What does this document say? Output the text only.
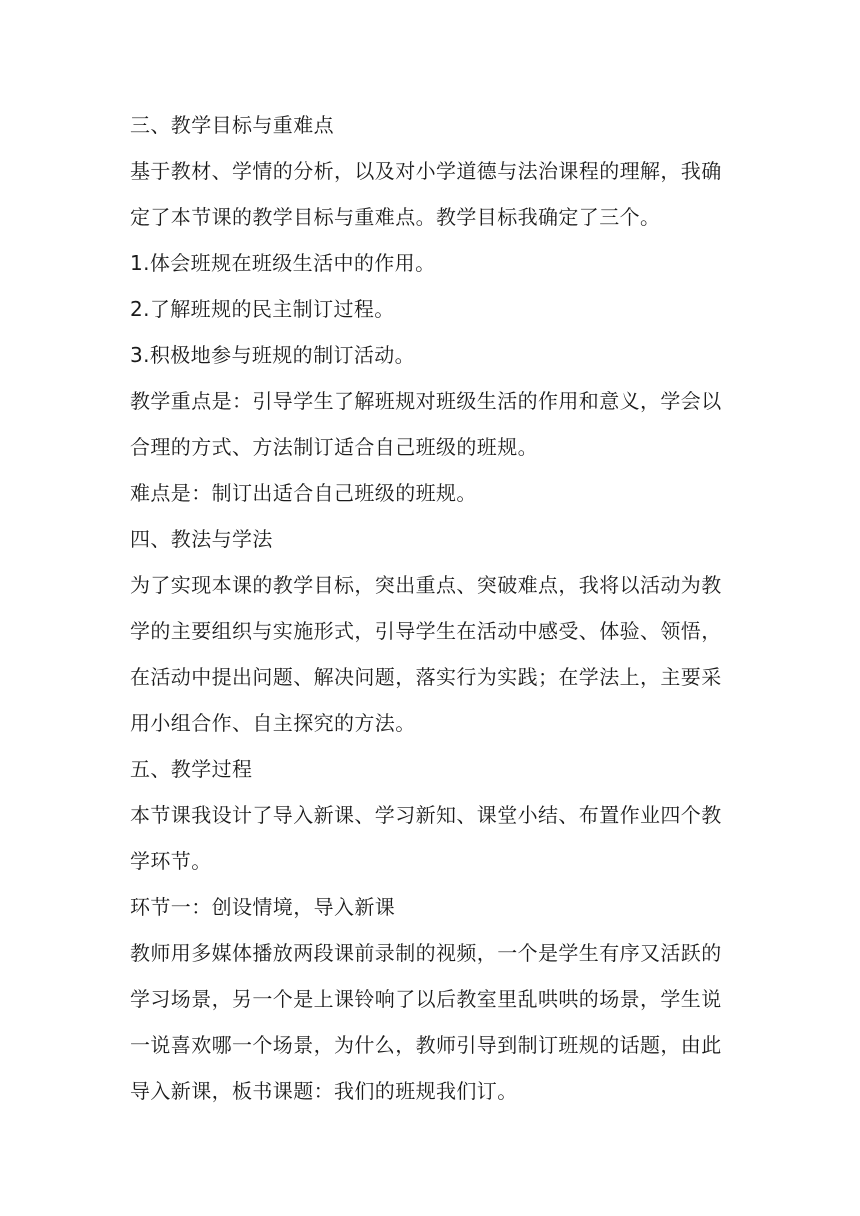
三、教学目标与重难点
基于教材、学情的分析，以及对小学道德与法治课程的理解，我确
定了本节课的教学目标与重难点。教学目标我确定了三个。
1.体会班规在班级生活中的作用。
2.了解班规的民主制订过程。
3.积极地参与班规的制订活动。
教学重点是：引导学生了解班规对班级生活的作用和意义，学会以
合理的方式、方法制订适合自己班级的班规。
难点是：制订出适合自己班级的班规。
四、教法与学法
为了实现本课的教学目标，突出重点、突破难点，我将以活动为教
学的主要组织与实施形式，引导学生在活动中感受、体验、领悟，
在活动中提出问题、解决问题，落实行为实践；在学法上，主要采
用小组合作、自主探究的方法。
五、教学过程
本节课我设计了导入新课、学习新知、课堂小结、布置作业四个教
学环节。
环节一：创设情境，导入新课
教师用多媒体播放两段课前录制的视频，一个是学生有序又活跃的
学习场景，另一个是上课铃响了以后教室里乱哄哄的场景，学生说
一说喜欢哪一个场景，为什么，教师引导到制订班规的话题，由此
导入新课，板书课题：我们的班规我们订。
